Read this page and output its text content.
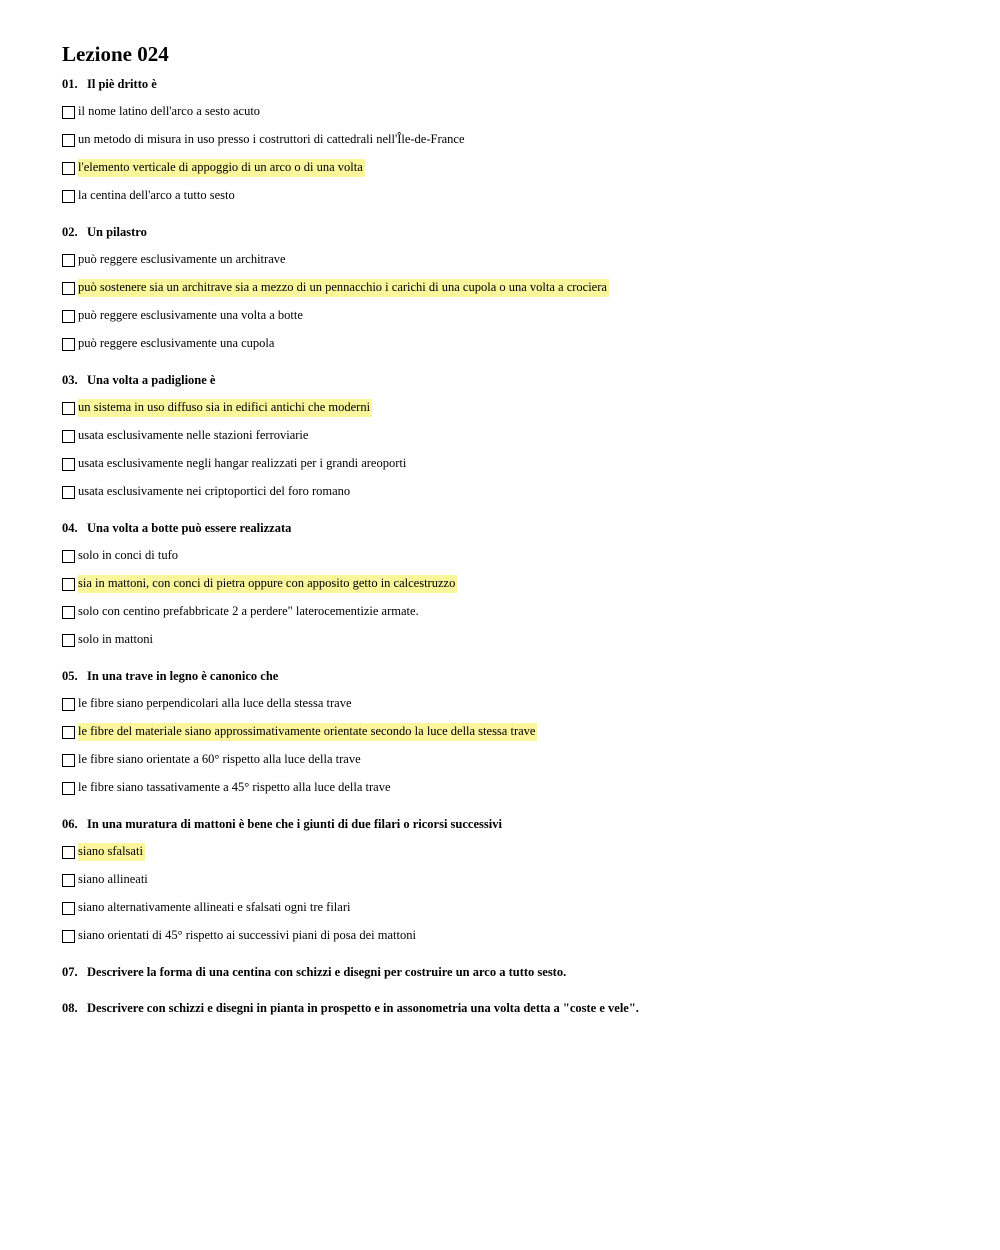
Lezione 024
01. Il piè dritto è
il nome latino dell'arco a sesto acuto
un metodo di misura in uso presso i costruttori di cattedrali nell'Île-de-France
l'elemento verticale di appoggio di un arco o di una volta
la centina dell'arco a tutto sesto
02. Un pilastro
può reggere esclusivamente un architrave
può sostenere sia un architrave sia a mezzo di un pennacchio i carichi di una cupola o una volta a crociera
può reggere esclusivamente una volta a botte
può reggere esclusivamente una cupola
03. Una volta a padiglione è
un sistema in uso diffuso sia in edifici antichi che moderni
usata esclusivamente nelle stazioni ferroviarie
usata esclusivamente negli hangar realizzati per i grandi areoporti
usata esclusivamente nei criptoportici del foro romano
04. Una volta a botte può essere realizzata
solo in conci di tufo
sia in mattoni, con conci di pietra oppure con apposito getto in calcestruzzo
solo con centino prefabbricate 2 a perdere" laterocementizie armate.
solo in mattoni
05. In una trave in legno è canonico che
le fibre siano perpendicolari alla luce della stessa trave
le fibre del materiale siano approssimativamente orientate secondo la luce della stessa trave
le fibre siano orientate a 60° rispetto alla luce della trave
le fibre siano tassativamente a 45° rispetto alla luce della trave
06. In una muratura di mattoni è bene che i giunti di due filari o ricorsi successivi
siano sfalsati
siano allineati
siano alternativamente allineati e sfalsati ogni tre filari
siano orientati di 45° rispetto ai successivi piani di posa dei mattoni
07. Descrivere la forma di una centina con schizzi e disegni per costruire un arco a tutto sesto.
08. Descrivere con schizzi e disegni in pianta in prospetto e in assonometria una volta detta a "coste e vele".
